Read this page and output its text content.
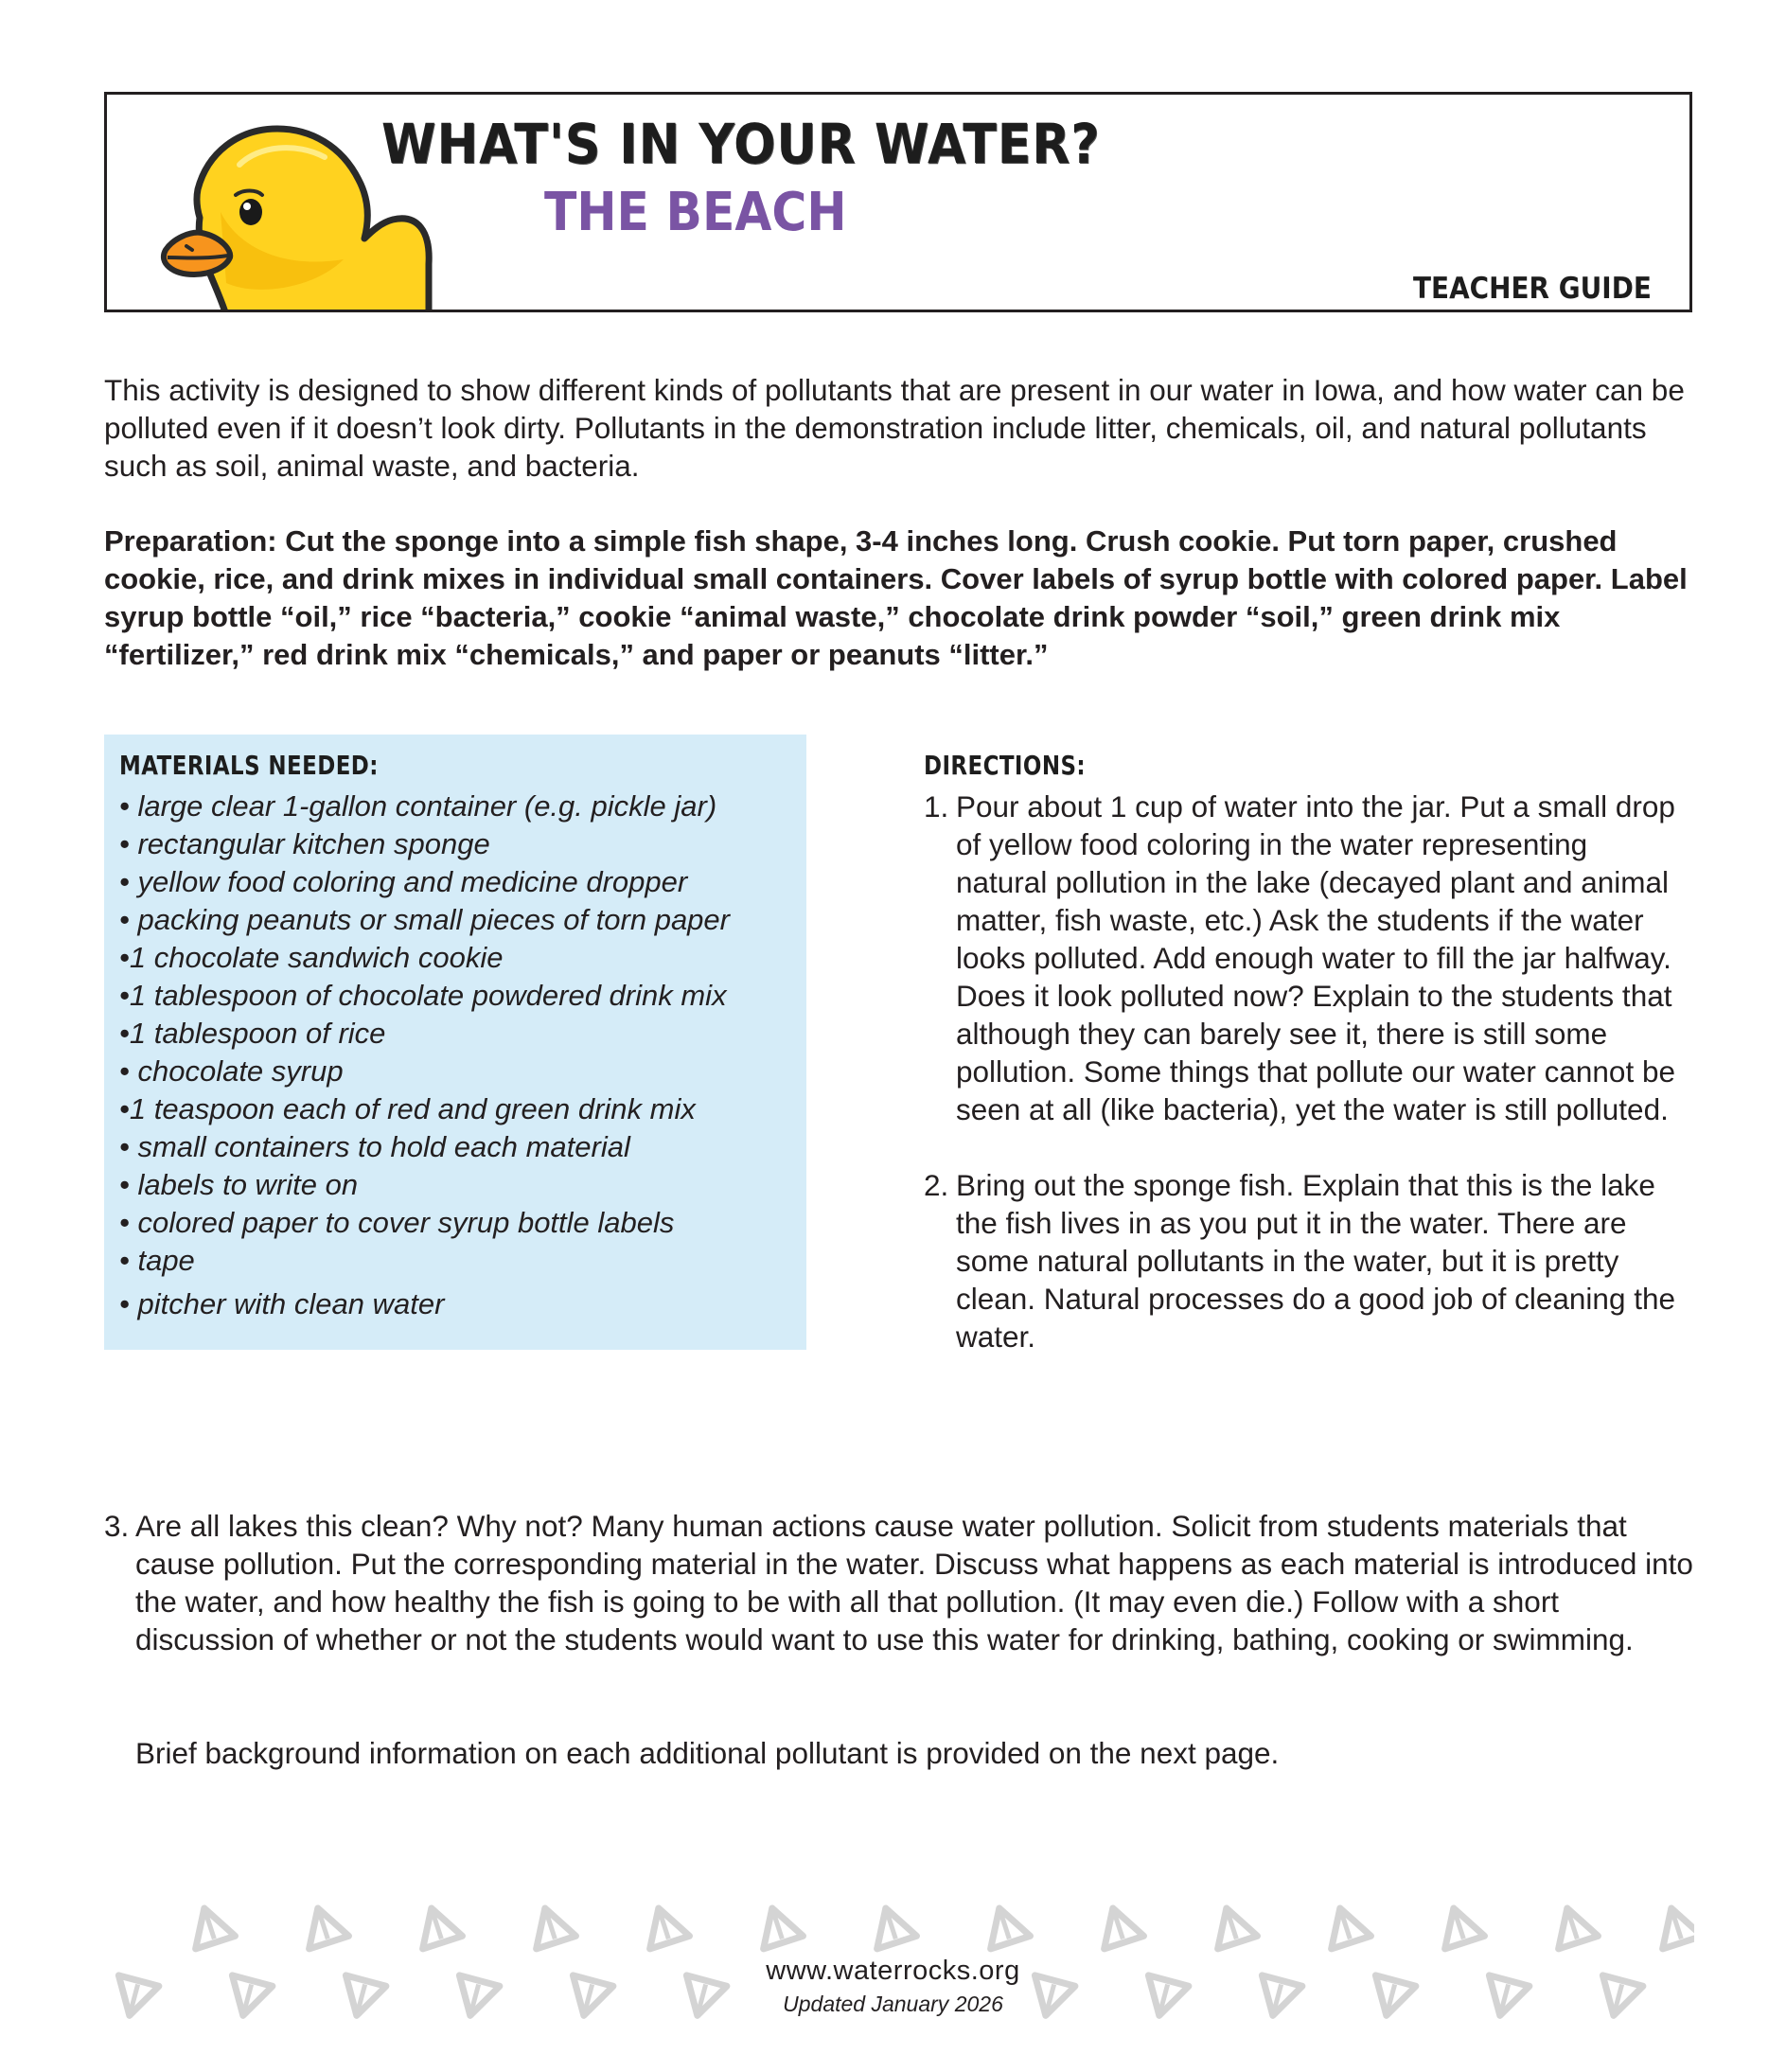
WHAT'S IN YOUR WATER?
THE BEACH
TEACHER GUIDE

This activity is designed to show different kinds of pollutants that are present in our water in Iowa, and how water can be polluted even if it doesn’t look dirty. Pollutants in the demonstration include litter, chemicals, oil, and natural pollutants such as soil, animal waste, and bacteria.

Preparation: Cut the sponge into a simple fish shape, 3-4 inches long. Crush cookie. Put torn paper, crushed cookie, rice, and drink mixes in individual small containers. Cover labels of syrup bottle with colored paper. Label syrup bottle “oil,” rice “bacteria,” cookie “animal waste,” chocolate drink powder “soil,” green drink mix “fertilizer,” red drink mix “chemicals,” and paper or peanuts “litter.”

MATERIALS NEEDED:
• large clear 1-gallon container (e.g. pickle jar)
• rectangular kitchen sponge
• yellow food coloring and medicine dropper
• packing peanuts or small pieces of torn paper
•1 chocolate sandwich cookie
•1 tablespoon of chocolate powdered drink mix
•1 tablespoon of rice
• chocolate syrup
•1 teaspoon each of red and green drink mix
• small containers to hold each material
• labels to write on
• colored paper to cover syrup bottle labels
• tape
• pitcher with clean water
DIRECTIONS:
1. Pour about 1 cup of water into the jar. Put a small drop of yellow food coloring in the water representing natural pollution in the lake (decayed plant and animal matter, fish waste, etc.) Ask the students if the water looks polluted. Add enough water to fill the jar halfway. Does it look polluted now? Explain to the students that although they can barely see it, there is still some pollution. Some things that pollute our water cannot be seen at all (like bacteria), yet the water is still polluted.
2. Bring out the sponge fish. Explain that this is the lake the fish lives in as you put it in the water. There are some natural pollutants in the water, but it is pretty clean. Natural processes do a good job of cleaning the water.
3. Are all lakes this clean? Why not? Many human actions cause water pollution. Solicit from students materials that cause pollution. Put the corresponding material in the water. Discuss what happens as each material is introduced into the water, and how healthy the fish is going to be with all that pollution. (It may even die.) Follow with a short discussion of whether or not the students would want to use this water for drinking, bathing, cooking or swimming.

Brief background information on each additional pollutant is provided on the next page.

www.waterrocks.org
Updated January 2026
